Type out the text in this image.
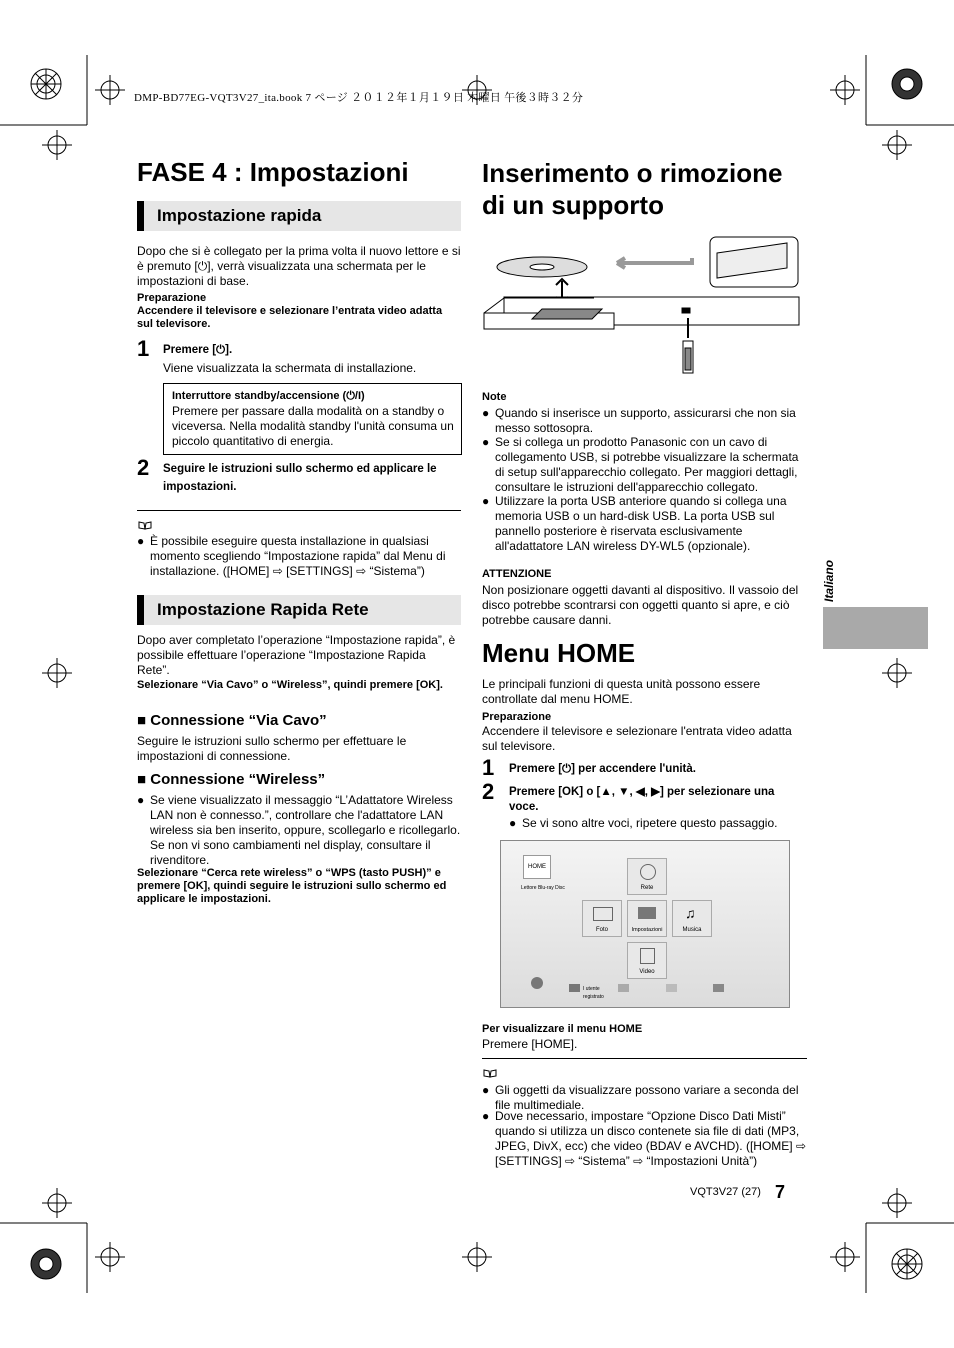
DMP-BD77EG-VQT3V27_ita.book 7 ページ ２０１２年１月１９日 木曜日 午後３時３２分
FASE 4 : Impostazioni
Impostazione rapida
Dopo che si è collegato per la prima volta il nuovo lettore e si è premuto [⏻], verrà visualizzata una schermata per le impostazioni di base.
Preparazione
Accendere il televisore e selezionare l’entrata video adatta sul televisore.
1 Premere [⏻].
Viene visualizzata la schermata di installazione.
Interruttore standby/accensione (⏻/I)
Premere per passare dalla modalità on a standby o viceversa. Nella modalità standby l'unità consuma un piccolo quantitativo di energia.
2 Seguire le istruzioni sullo schermo ed applicare le impostazioni.
● È possibile eseguire questa installazione in qualsiasi momento scegliendo “Impostazione rapida” dal Menu di installazione. ([HOME] ⇨ [SETTINGS] ⇨ “Sistema”)
Impostazione Rapida Rete
Dopo aver completato l’operazione “Impostazione rapida”, è possibile effettuare l’operazione “Impostazione Rapida Rete”.
Selezionare “Via Cavo” o “Wireless”, quindi premere [OK].
■ Connessione “Via Cavo”
Seguire le istruzioni sullo schermo per effettuare le impostazioni di connessione.
■ Connessione “Wireless”
● Se viene visualizzato il messaggio “L’Adattatore Wireless LAN non è connesso.”, controllare che l'adattatore LAN wireless sia ben inserito, oppure, scollegarlo e ricollegarlo. Se non vi sono cambiamenti nel display, consultare il rivenditore.
Selezionare “Cerca rete wireless” o “WPS (tasto PUSH)” e premere [OK], quindi seguire le istruzioni sullo schermo ed applicare le impostazioni.
Inserimento o rimozione
di un supporto
Note
● Quando si inserisce un supporto, assicurarsi che non sia messo sottosopra.
● Se si collega un prodotto Panasonic con un cavo di collegamento USB, si potrebbe visualizzare la schermata di setup sull'apparecchio collegato. Per maggiori dettagli, consultare le istruzioni dell'apparecchio collegato.
● Utilizzare la porta USB anteriore quando si collega una memoria USB o un hard-disk USB. La porta USB sul pannello posteriore è riservata esclusivamente all'adattatore LAN wireless DY-WL5 (opzionale).
ATTENZIONE
Non posizionare oggetti davanti al dispositivo. Il vassoio del disco potrebbe scontrarsi con oggetti quanto si apre, e ciò potrebbe causare danni.
Menu HOME
Le principali funzioni di questa unità possono essere controllate dal menu HOME.
Preparazione
Accendere il televisore e selezionare l'entrata video adatta sul televisore.
1 Premere [⏻] per accendere l'unità.
2 Premere [OK] o [▲, ▼, ◀, ▶] per selezionare una voce.
● Se vi sono altre voci, ripetere questo passaggio.
HOME
Lettore Blu-ray Disc	Rete
Foto	Impostazioni
♫
Musica
Video
I utente
registrato
Per visualizzare il menu HOME
Premere [HOME].
● Gli oggetti da visualizzare possono variare a seconda del file multimediale.
● Dove necessario, impostare “Opzione Disco Dati Misti” quando si utilizza un disco contenete sia file di dati (MP3, JPEG, DivX, ecc) che video (BDAV e AVCHD). ([HOME] ⇨ [SETTINGS] ⇨ “Sistema” ⇨ “Impostazioni Unità”)
Italiano
VQT3V27 (27) 7
